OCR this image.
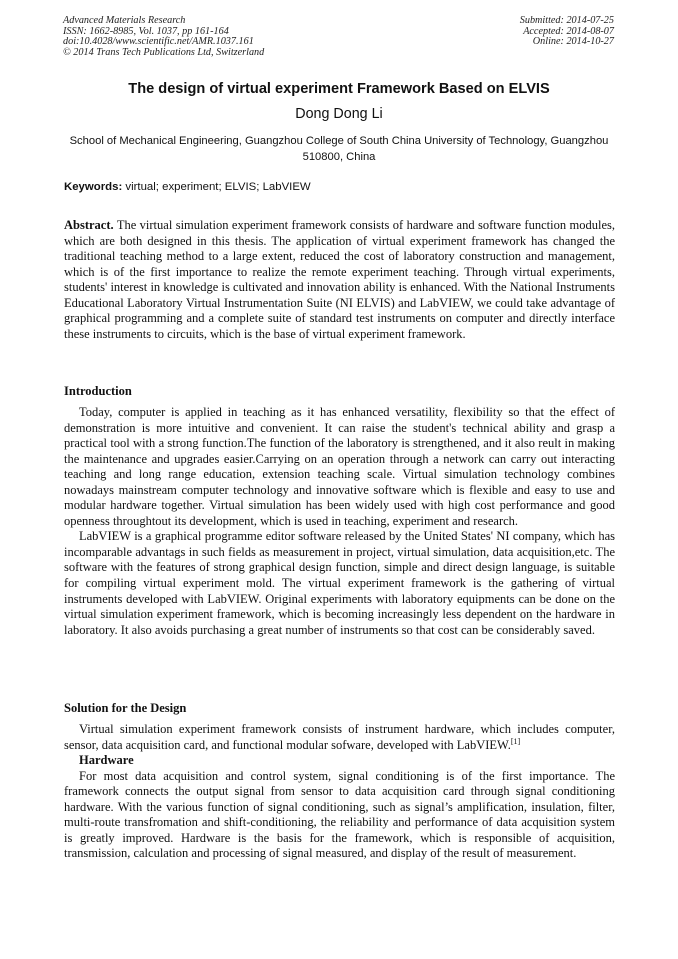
Advanced Materials Research
ISSN: 1662-8985, Vol. 1037, pp 161-164
doi:10.4028/www.scientific.net/AMR.1037.161
© 2014 Trans Tech Publications Ltd, Switzerland
Submitted: 2014-07-25
Accepted: 2014-08-07
Online: 2014-10-27
The design of virtual experiment Framework Based on ELVIS
Dong Dong Li
School of Mechanical Engineering, Guangzhou College of South China University of Technology, Guangzhou 510800, China
Keywords: virtual; experiment; ELVIS; LabVIEW

Abstract. The virtual simulation experiment framework consists of hardware and software function modules, which are both designed in this thesis. The application of virtual experiment framework has changed the traditional teaching method to a large extent, reduced the cost of laboratory construction and management, which is of the first importance to realize the remote experiment teaching. Through virtual experiments, students' interest in knowledge is cultivated and innovation ability is enhanced. With the National Instruments Educational Laboratory Virtual Instrumentation Suite (NI ELVIS) and LabVIEW, we could take advantage of graphical programming and a complete suite of standard test instruments on computer and directly interface these instruments to circuits, which is the base of virtual experiment framework.

Introduction

Today, computer is applied in teaching as it has enhanced versatility, flexibility so that the effect of demonstration is more intuitive and convenient. It can raise the student's technical ability and grasp a practical tool with a strong function.The function of the laboratory is strengthened, and it also reult in making the maintenance and upgrades easier.Carrying on an operation through a network can carry out interacting teaching and long range education, extension teaching scale. Virtual simulation technology combines nowadays mainstream computer technology and innovative software which is flexible and easy to use and modular hardware together. Virtual simulation has been widely used with high cost performance and good openness throughtout its development, which is used in teaching, experiment and research.

LabVIEW is a graphical programme editor software released by the United States' NI company, which has incomparable advantags in such fields as measurement in project, virtual simulation, data acquisition,etc. The software with the features of strong graphical design function, simple and direct design language, is suitable for compiling virtual experiment mold. The virtual experiment framework is the gathering of virtual instruments developed with LabVIEW. Original experiments with laboratory equipments can be done on the virtual simulation experiment framework, which is becoming increasingly less dependent on the hardware in laboratory. It also avoids purchasing a great number of instruments so that cost can be considerably saved.

Solution for the Design

Virtual simulation experiment framework consists of instrument hardware, which includes computer, sensor, data acquisition card, and functional modular sofware, developed with LabVIEW.[1]

Hardware

For most data acquisition and control system, signal conditioning is of the first importance. The framework connects the output signal from sensor to data acquisition card through signal conditioning hardware. With the various function of signal conditioning, such as signal’s amplification, insulation, filter, multi-route transfromation and shift-conditioning, the reliability and performance of data acquisition system is greatly improved. Hardware is the basis for the framework, which is responsible of acquisition, transmission, calculation and processing of signal measured, and display of the result of measurement.
